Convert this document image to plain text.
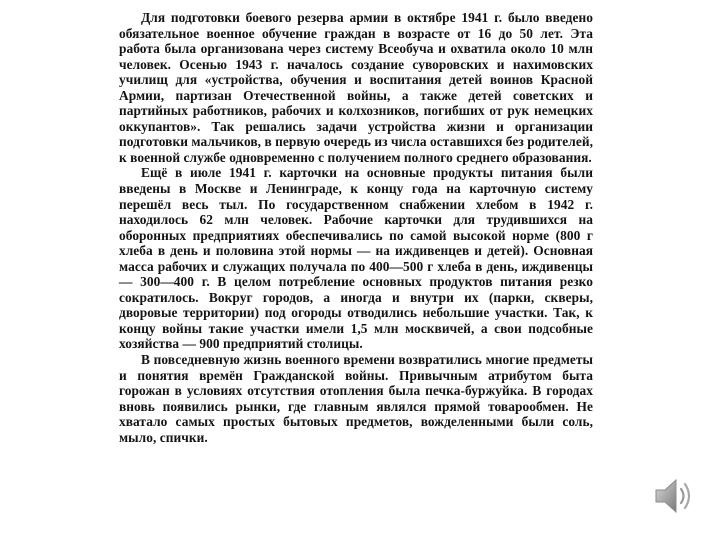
Для подготовки боевого резерва армии в октябре 1941 г. было введено обязательное военное обучение граждан в возрасте от 16 до 50 лет. Эта работа была организована через систему Всеобуча и охватила около 10 млн человек. Осенью 1943 г. началось создание суворовских и нахимовских училищ для «устройства, обучения и воспитания детей воинов Красной Армии, партизан Отечественной войны, а также детей советских и партийных работников, рабочих и колхозников, погибших от рук немецких оккупантов». Так решались задачи устройства жизни и организации подготовки мальчиков, в первую очередь из числа оставшихся без родителей, к военной службе одновременно с получением полного среднего образования.

Ещё в июле 1941 г. карточки на основные продукты питания были введены в Москве и Ленинграде, к концу года на карточную систему перешёл весь тыл. По государственном снабжении хлебом в 1942 г. находилось 62 млн человек. Рабочие карточки для трудившихся на оборонных предприятиях обеспечивались по самой высокой норме (800 г хлеба в день и половина этой нормы — на иждивенцев и детей). Основная масса рабочих и служащих получала по 400—500 г хлеба в день, иждивенцы — 300—400 г. В целом потребление основных продуктов питания резко сократилось. Вокруг городов, а иногда и внутри их (парки, скверы, дворовые территории) под огороды отводились небольшие участки. Так, к концу войны такие участки имели 1,5 млн москвичей, а свои подсобные хозяйства — 900 предприятий столицы.

В повседневную жизнь военного времени возвратились многие предметы и понятия времён Гражданской войны. Привычным атрибутом быта горожан в условиях отсутствия отопления была печка-буржуйка. В городах вновь появились рынки, где главным являлся прямой товарообмен. Не хватало самых простых бытовых предметов, вожделенными были соль, мыло, спички.
